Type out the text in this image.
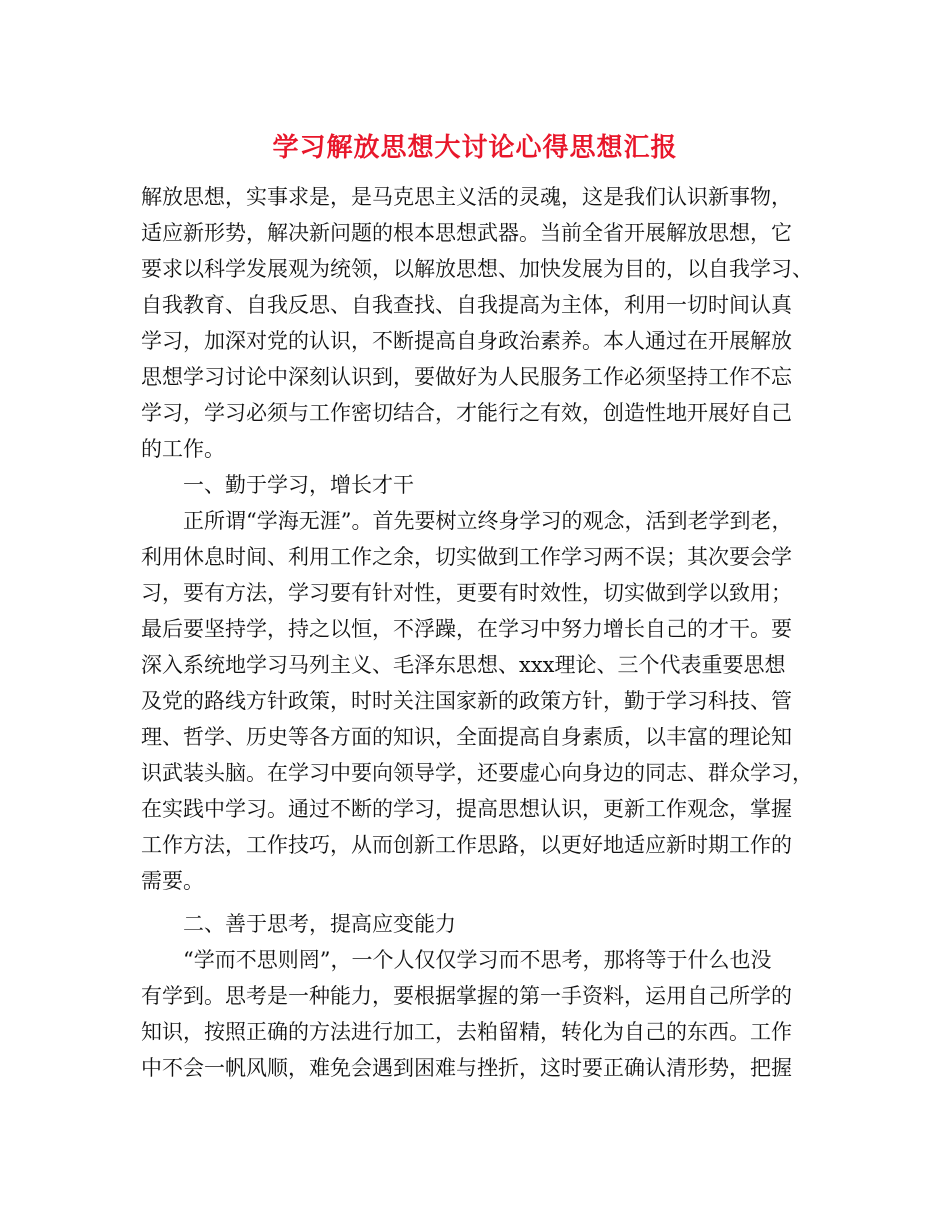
学习解放思想大讨论心得思想汇报
解放思想，实事求是，是马克思主义活的灵魂，这是我们认识新事物，
适应新形势，解决新问题的根本思想武器。当前全省开展解放思想，它
要求以科学发展观为统领，以解放思想、加快发展为目的，以自我学习、
自我教育、自我反思、自我查找、自我提高为主体，利用一切时间认真
学习，加深对党的认识，不断提高自身政治素养。本人通过在开展解放
思想学习讨论中深刻认识到，要做好为人民服务工作必须坚持工作不忘
学习，学习必须与工作密切结合，才能行之有效，创造性地开展好自己
的工作。
一、勤于学习，增长才干
正所谓“学海无涯”。首先要树立终身学习的观念，活到老学到老，
利用休息时间、利用工作之余，切实做到工作学习两不误；其次要会学
习，要有方法，学习要有针对性，更要有时效性，切实做到学以致用；
最后要坚持学，持之以恒，不浮躁，在学习中努力增长自己的才干。要
深入系统地学习马列主义、毛泽东思想、xxx理论、三个代表重要思想
及党的路线方针政策，时时关注国家新的政策方针，勤于学习科技、管
理、哲学、历史等各方面的知识，全面提高自身素质，以丰富的理论知
识武装头脑。在学习中要向领导学，还要虚心向身边的同志、群众学习，
在实践中学习。通过不断的学习，提高思想认识，更新工作观念，掌握
工作方法，工作技巧，从而创新工作思路，以更好地适应新时期工作的
需要。
二、善于思考，提高应变能力
“学而不思则罔”，一个人仅仅学习而不思考，那将等于什么也没
有学到。思考是一种能力，要根据掌握的第一手资料，运用自己所学的
知识，按照正确的方法进行加工，去粕留精，转化为自己的东西。工作
中不会一帆风顺，难免会遇到困难与挫折，这时要正确认清形势，把握
